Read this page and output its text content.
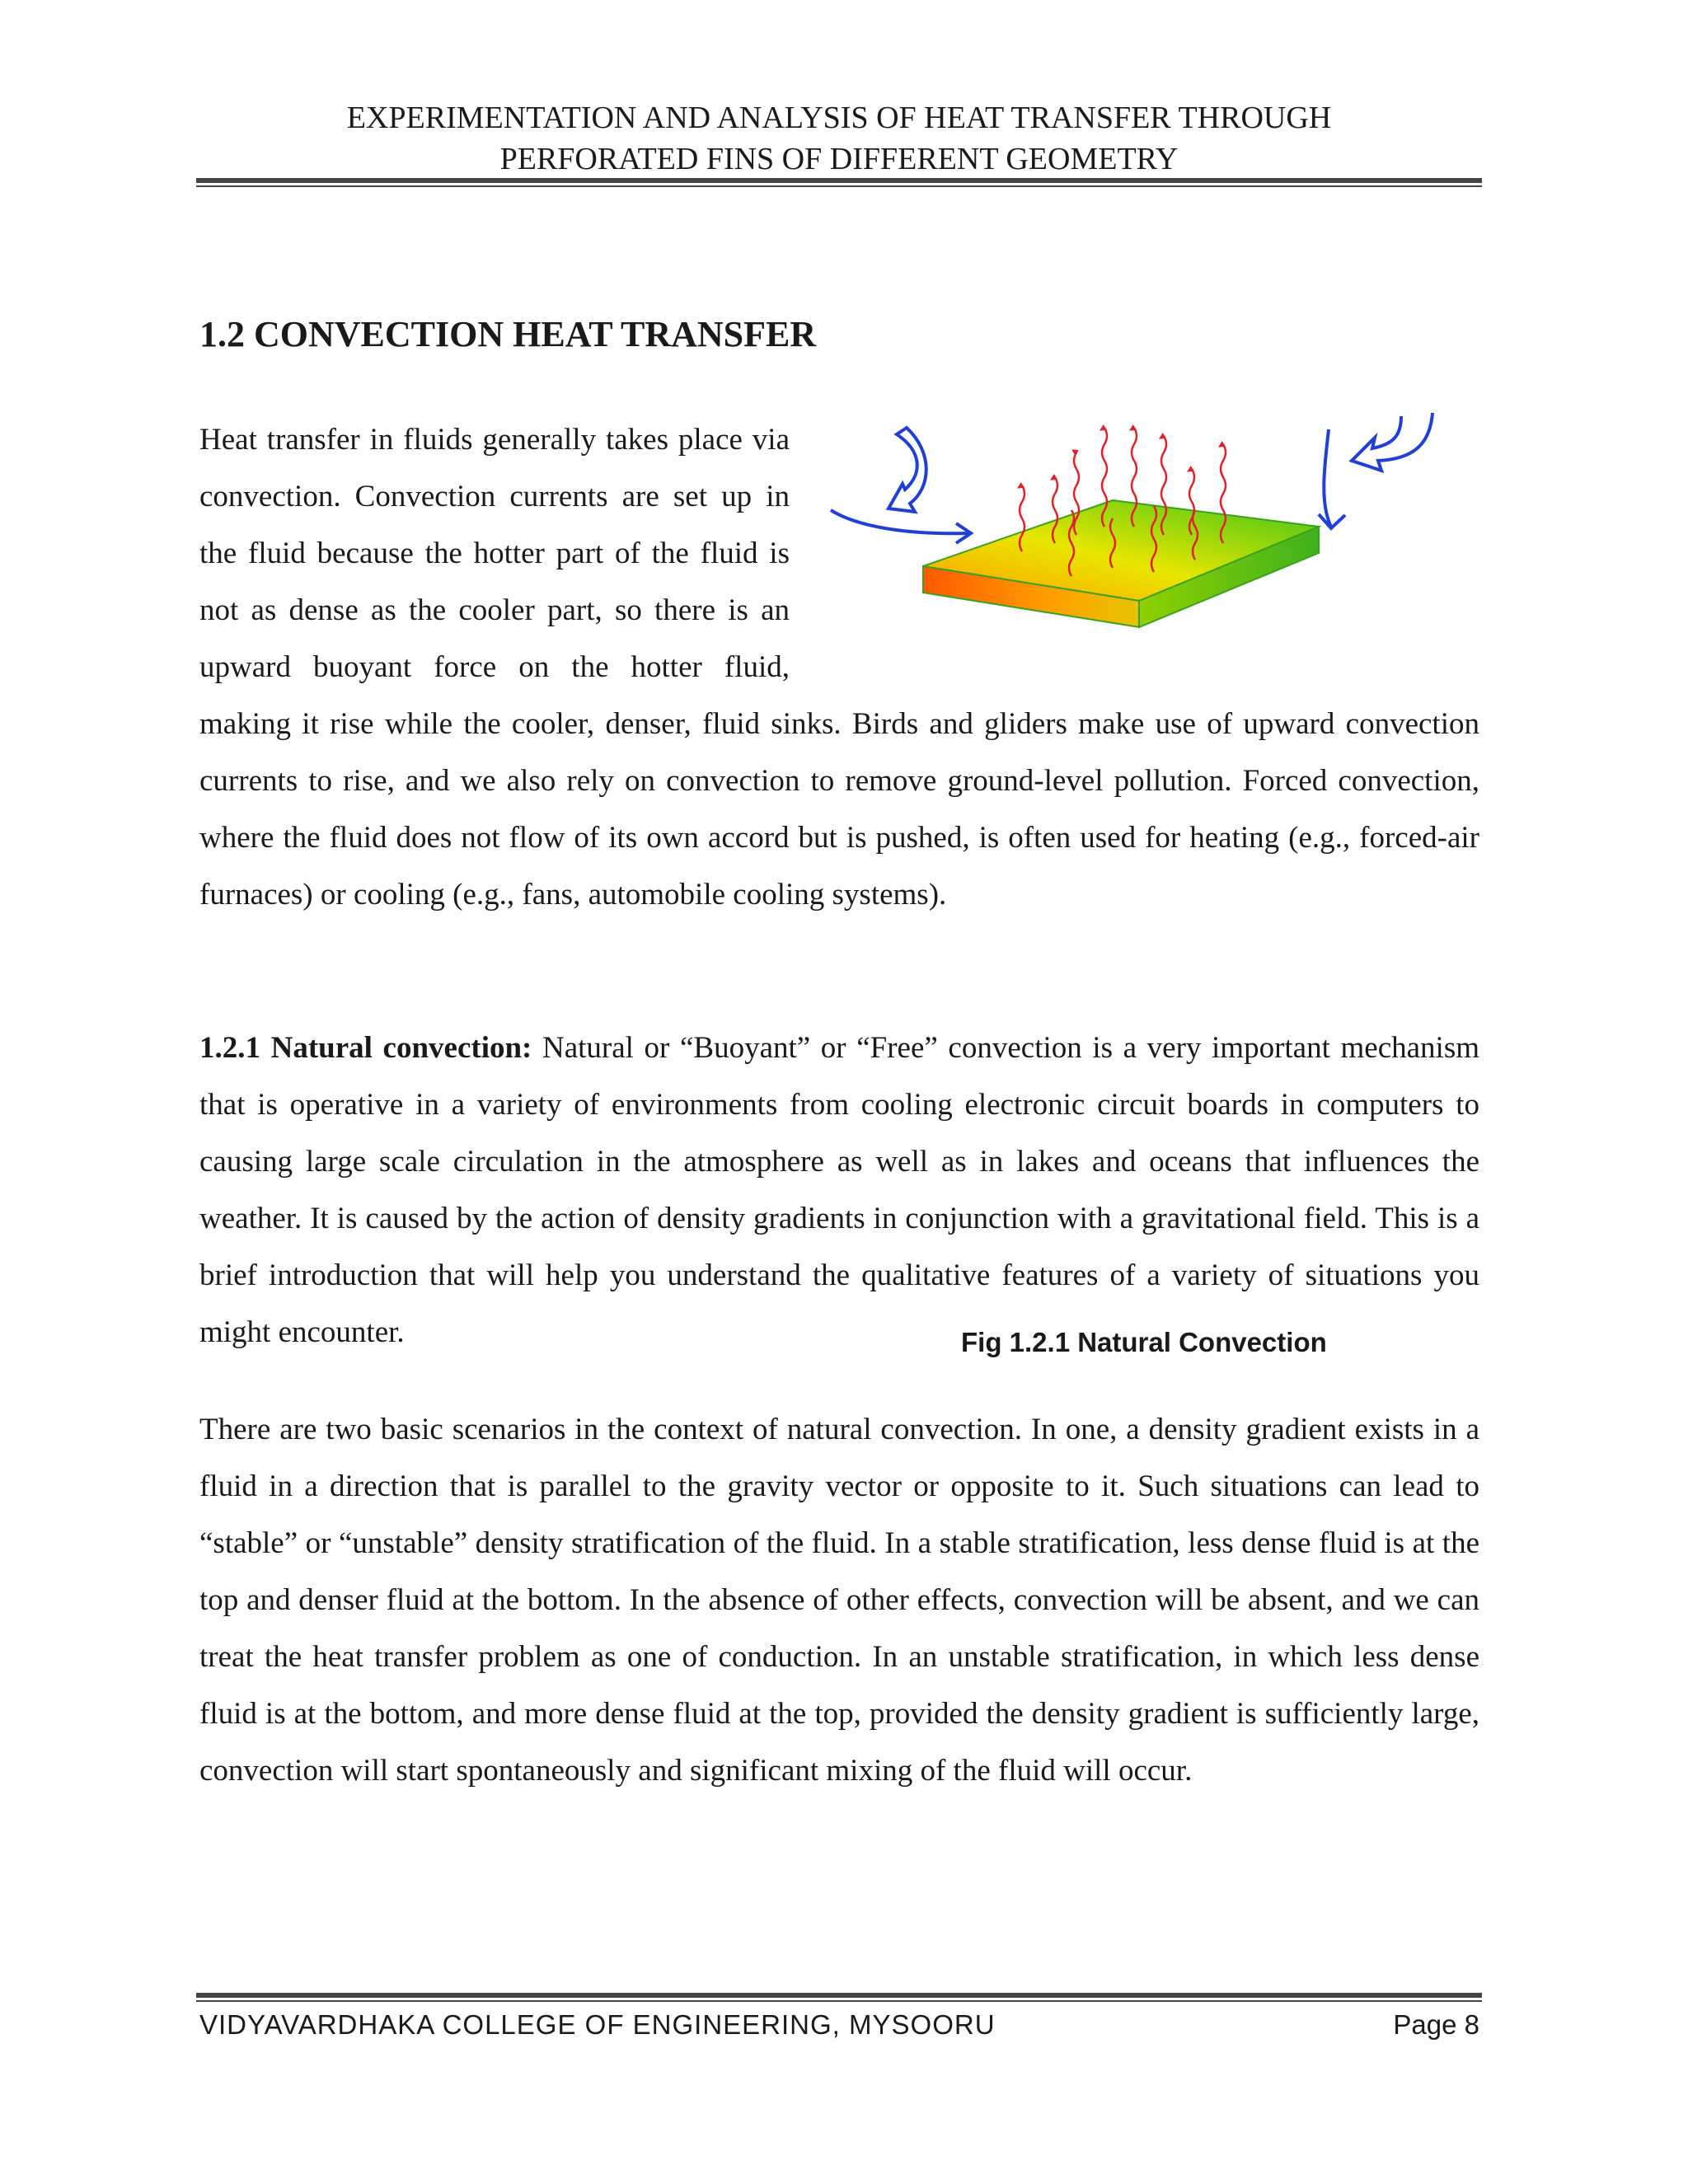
EXPERIMENTATION AND ANALYSIS OF HEAT TRANSFER THROUGH
PERFORATED FINS OF DIFFERENT GEOMETRY
1.2 CONVECTION HEAT TRANSFER

Heat transfer in fluids generally takes place via convection. Convection currents are set up in the fluid because the hotter part of the fluid is not as dense as the cooler part, so there is an upward buoyant force on the hotter fluid, making it rise while the cooler, denser, fluid sinks. Birds and gliders make use of upward convection currents to rise, and we also rely on convection to remove ground-level pollution. Forced convection, where the fluid does not flow of its own accord but is pushed, is often used for heating (e.g., forced-air furnaces) or cooling (e.g., fans, automobile cooling systems).

1.2.1 Natural convection: Natural or “Buoyant” or “Free” convection is a very important mechanism that is operative in a variety of environments from cooling electronic circuit boards in computers to causing large scale circulation in the atmosphere as well as in lakes and oceans that influences the weather. It is caused by the action of density gradients in conjunction with a gravitational field. This is a brief introduction that will help you understand the qualitative features of a variety of situations you might encounter.	Fig 1.2.1 Natural Convection

There are two basic scenarios in the context of natural convection. In one, a density gradient exists in a fluid in a direction that is parallel to the gravity vector or opposite to it. Such situations can lead to “stable” or “unstable” density stratification of the fluid. In a stable stratification, less dense fluid is at the top and denser fluid at the bottom. In the absence of other effects, convection will be absent, and we can treat the heat transfer problem as one of conduction. In an unstable stratification, in which less dense fluid is at the bottom, and more dense fluid at the top, provided the density gradient is sufficiently large, convection will start spontaneously and significant mixing of the fluid will occur.

VIDYAVARDHAKA COLLEGE OF ENGINEERING, MYSOORU	Page 8
